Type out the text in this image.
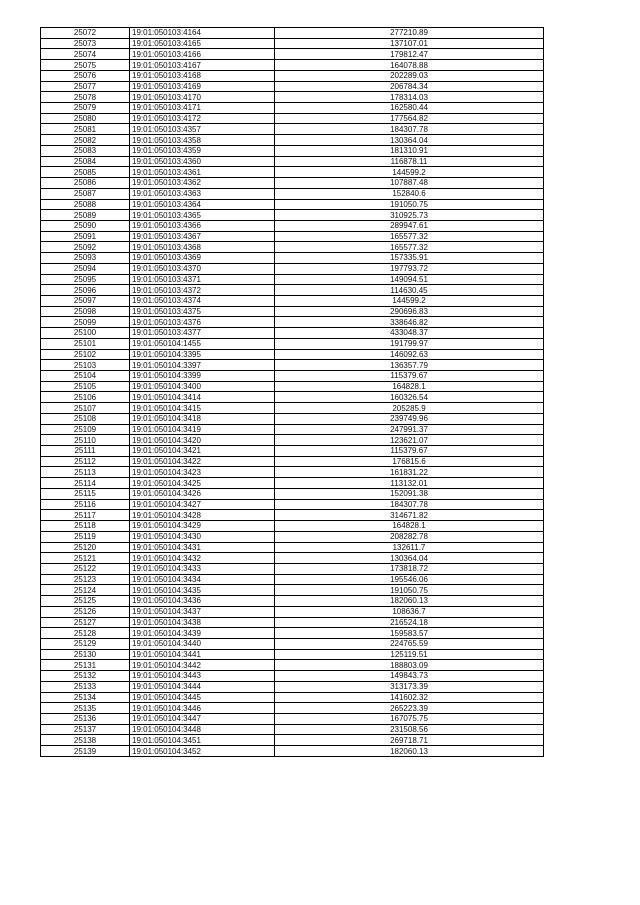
25072	19:01:050103:4164	277210.89
25073	19:01:050103:4165	137107.01
25074	19:01:050103:4166	179812.47
25075	19:01:050103:4167	164078.88
25076	19:01:050103:4168	202289.03
25077	19:01:050103:4169	206784.34
25078	19:01:050103:4170	178314.03
25079	19:01:050103:4171	162580.44
25080	19:01:050103:4172	177564.82
25081	19:01:050103:4357	184307.78
25082	19:01:050103:4358	130364.04
25083	19:01:050103:4359	181310.91
25084	19:01:050103:4360	116878.11
25085	19:01:050103:4361	144599.2
25086	19:01:050103:4362	107887.48
25087	19:01:050103:4363	152840.6
25088	19:01:050103:4364	191050.75
25089	19:01:050103:4365	310925.73
25090	19:01:050103:4366	289947.61
25091	19:01:050103:4367	165577.32
25092	19:01:050103:4368	165577.32
25093	19:01:050103:4369	157335.91
25094	19:01:050103:4370	197793.72
25095	19:01:050103:4371	149094.51
25096	19:01:050103:4372	114630.45
25097	19:01:050103:4374	144599.2
25098	19:01:050103:4375	290696.83
25099	19:01:050103:4376	338646.82
25100	19:01:050103:4377	433048.37
25101	19:01:050104:1455	191799.97
25102	19:01:050104:3395	146092.63
25103	19:01:050104:3397	136357.79
25104	19:01:050104:3399	115379.67
25105	19:01:050104:3400	164828.1
25106	19:01:050104:3414	160326.54
25107	19:01:050104:3415	205285.9
25108	19:01:050104:3418	239749.96
25109	19:01:050104:3419	247991.37
25110	19:01:050104:3420	123621.07
25111	19:01:050104:3421	115379.67
25112	19:01:050104:3422	176815.6
25113	19:01:050104:3423	161831.22
25114	19:01:050104:3425	113132.01
25115	19:01:050104:3426	152091.38
25116	19:01:050104:3427	184307.78
25117	19:01:050104:3428	314671.82
25118	19:01:050104:3429	164828.1
25119	19:01:050104:3430	208282.78
25120	19:01:050104:3431	132611.7
25121	19:01:050104:3432	130364.04
25122	19:01:050104:3433	173818.72
25123	19:01:050104:3434	195546.06
25124	19:01:050104:3435	191050.75
25125	19:01:050104:3436	182060.13
25126	19:01:050104:3437	108636.7
25127	19:01:050104:3438	216524.18
25128	19:01:050104:3439	159583.57
25129	19:01:050104:3440	224765.59
25130	19:01:050104:3441	125119.51
25131	19:01:050104:3442	188803.09
25132	19:01:050104:3443	149843.73
25133	19:01:050104:3444	313173.39
25134	19:01:050104:3445	141602.32
25135	19:01:050104:3446	265223.39
25136	19:01:050104:3447	167075.75
25137	19:01:050104:3448	231508.56
25138	19:01:050104:3451	269718.71
25139	19:01:050104:3452	182060.13
